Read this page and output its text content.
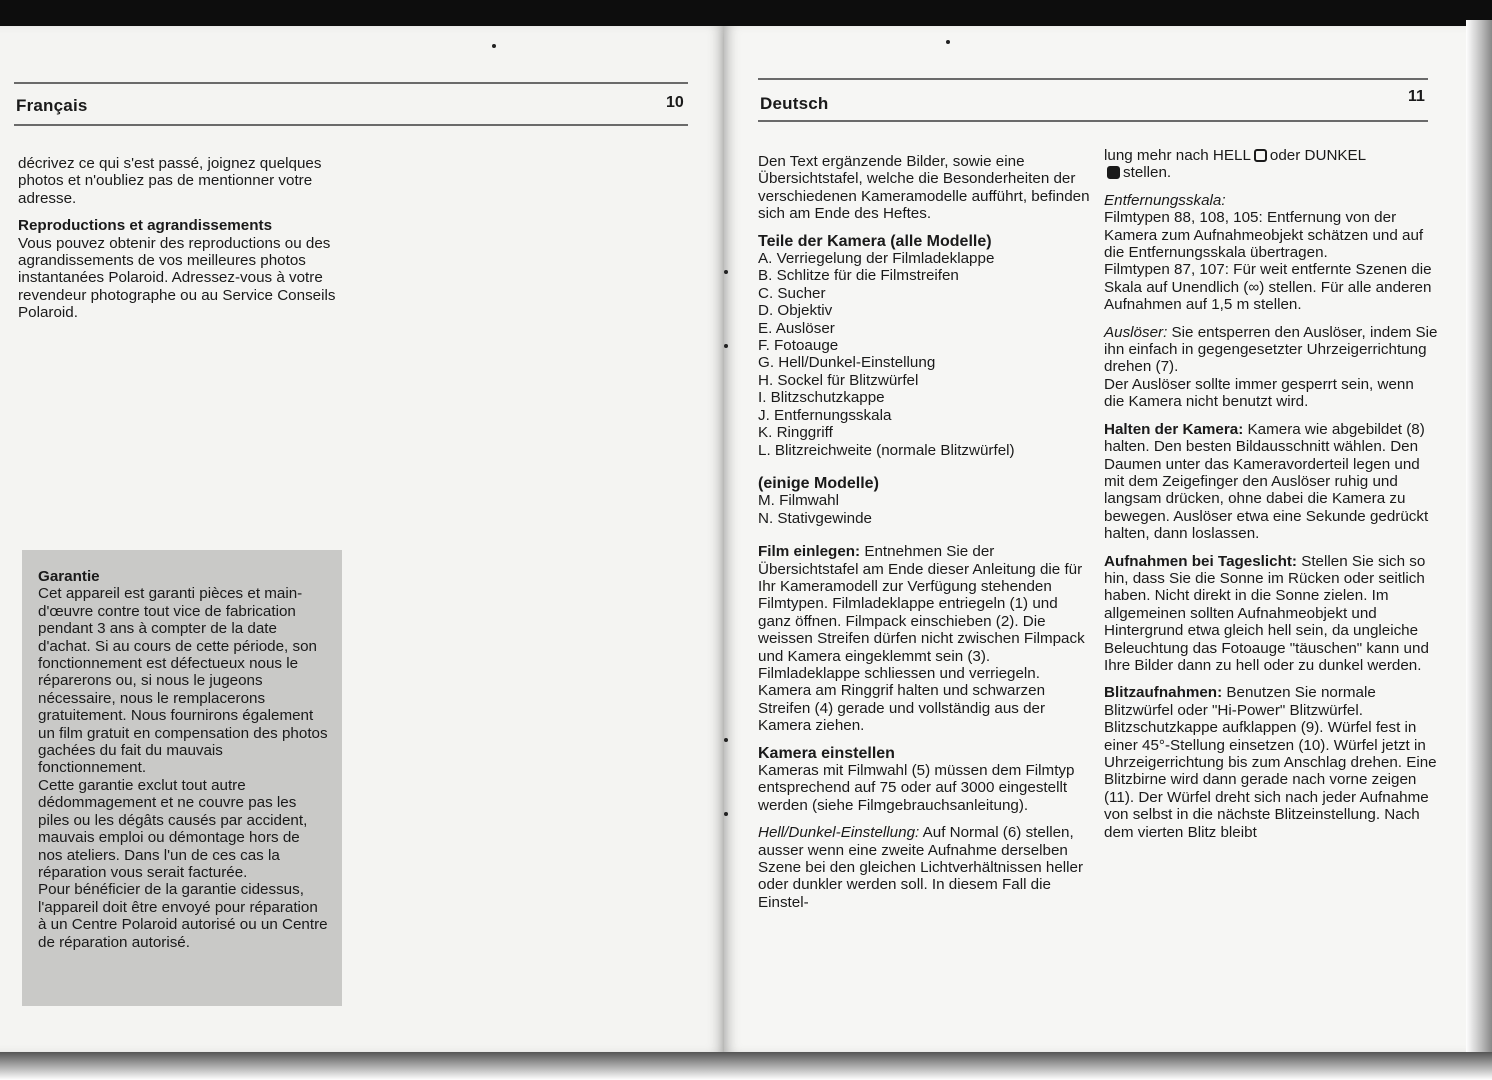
Français	10

décrivez ce qui s'est passé, joignez quelques photos et n'oubliez pas de mentionner votre adresse.

Reproductions et agrandissements

Vous pouvez obtenir des reproductions ou des agrandissements de vos meilleures photos instantanées Polaroid. Adressez-vous à votre revendeur photographe ou au Service Conseils Polaroid.

Garantie
Cet appareil est garanti pièces et main-d'œuvre contre tout vice de fabrication pendant 3 ans à compter de la date d'achat. Si au cours de cette période, son fonctionnement est défectueux nous le réparerons ou, si nous le jugeons nécessaire, nous le remplacerons gratuitement. Nous fournirons également un film gratuit en compensation des photos gachées du fait du mauvais fonctionnement.
Cette garantie exclut tout autre dédommagement et ne couvre pas les piles ou les dégâts causés par accident, mauvais emploi ou démontage hors de nos ateliers. Dans l'un de ces cas la réparation vous serait facturée.
Pour bénéficier de la garantie cidessus, l'appareil doit être envoyé pour réparation à un Centre Polaroid autorisé ou un Centre de réparation autorisé.
Deutsch	11

Den Text ergänzende Bilder, sowie eine Übersichtstafel, welche die Besonderheiten der verschiedenen Kameramodelle aufführt, befinden sich am Ende des Heftes.

Teile der Kamera (alle Modelle)
A. Verriegelung der Filmladeklappe
B. Schlitze für die Filmstreifen
C. Sucher
D. Objektiv
E. Auslöser
F. Fotoauge
G. Hell/Dunkel-Einstellung
H. Sockel für Blitzwürfel
I. Blitzschutzkappe
J. Entfernungsskala
K. Ringgriff
L. Blitzreichweite (normale Blitzwürfel)
(einige Modelle)
M. Filmwahl
N. Stativgewinde

Film einlegen: Entnehmen Sie der Übersichtstafel am Ende dieser Anleitung die für Ihr Kameramodell zur Verfügung stehenden Filmtypen. Filmladeklappe entriegeln (1) und ganz öffnen. Filmpack einschieben (2). Die weissen Streifen dürfen nicht zwischen Filmpack und Kamera eingeklemmt sein (3). Filmladeklappe schliessen und verriegeln. Kamera am Ringgrif halten und schwarzen Streifen (4) gerade und vollständig aus der Kamera ziehen.

Kamera einstellen

Kameras mit Filmwahl (5) müssen dem Filmtyp entsprechend auf 75 oder auf 3000 eingestellt werden (siehe Filmgebrauchsanleitung).

Hell/Dunkel-Einstellung: Auf Normal (6) stellen, ausser wenn eine zweite Aufnahme derselben Szene bei den gleichen Lichtverhältnissen heller oder dunkler werden soll. In diesem Fall die Einstel-

lung mehr nach HELL oder DUNKEL
stellen.

Entfernungsskala:
Filmtypen 88, 108, 105: Entfernung von der Kamera zum Aufnahmeobjekt schätzen und auf die Entfernungsskala übertragen.

Filmtypen 87, 107: Für weit entfernte Szenen die Skala auf Unendlich (∞) stellen. Für alle anderen Aufnahmen auf 1,5 m stellen.

Auslöser: Sie entsperren den Auslöser, indem Sie ihn einfach in gegengesetzter Uhrzeigerrichtung drehen (7).

Der Auslöser sollte immer gesperrt sein, wenn die Kamera nicht benutzt wird.

Halten der Kamera: Kamera wie abgebildet (8) halten. Den besten Bildausschnitt wählen. Den Daumen unter das Kameravorderteil legen und mit dem Zeigefinger den Auslöser ruhig und langsam drücken, ohne dabei die Kamera zu bewegen. Auslöser etwa eine Sekunde gedrückt halten, dann loslassen.

Aufnahmen bei Tageslicht: Stellen Sie sich so hin, dass Sie die Sonne im Rücken oder seitlich haben. Nicht direkt in die Sonne zielen. Im allgemeinen sollten Aufnahmeobjekt und Hintergrund etwa gleich hell sein, da ungleiche Beleuchtung das Fotoauge "täuschen" kann und Ihre Bilder dann zu hell oder zu dunkel werden.

Blitzaufnahmen: Benutzen Sie normale Blitzwürfel oder "Hi-Power" Blitzwürfel. Blitzschutzkappe aufklappen (9). Würfel fest in einer 45°-Stellung einsetzen (10). Würfel jetzt in Uhrzeigerrichtung bis zum Anschlag drehen. Eine Blitzbirne wird dann gerade nach vorne zeigen (11). Der Würfel dreht sich nach jeder Aufnahme von selbst in die nächste Blitzeinstellung. Nach dem vierten Blitz bleibt
